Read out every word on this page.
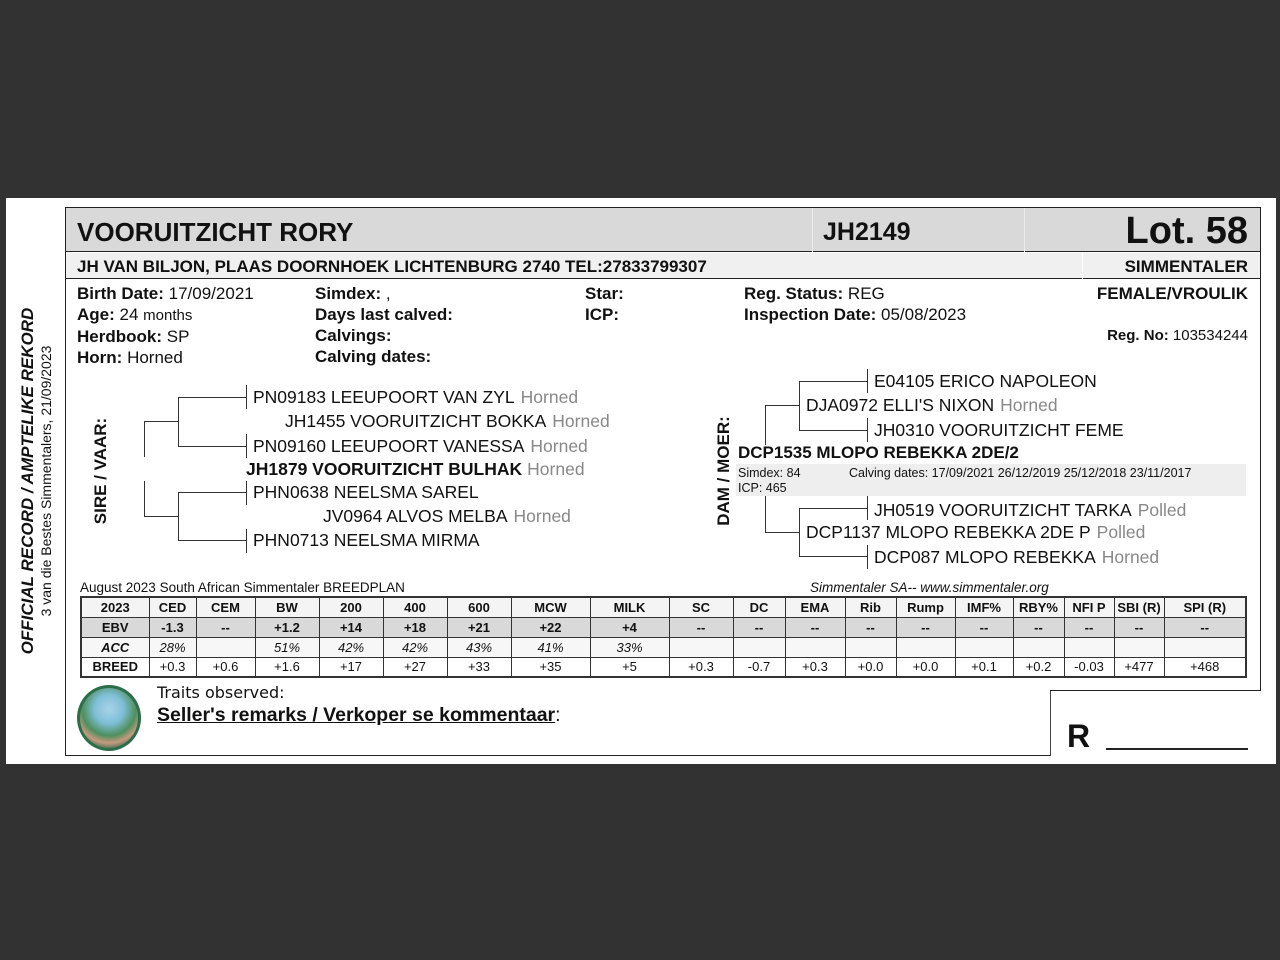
OFFICIAL RECORD / AMPTELIKE REKORD 3 van die Bestes Simmentalers, 21/09/2023
VOORUITZICHT RORY	JH2149	Lot. 58
JH VAN BILJON, PLAAS DOORNHOEK LICHTENBURG 2740 TEL:27833799307	SIMMENTALER
Birth Date: 17/09/2021
Age: 24 months
Herdbook: SP
Horn: Horned
Simdex: ,
Days last calved:
Calvings:
Calving dates:
Star:
ICP:
Reg. Status: REG
Inspection Date: 05/08/2023
FEMALE/VROULIK
Reg. No: 103534244
SIRE / VAAR:
PN09183 LEEUPOORT VAN ZYL Horned
JH1455 VOORUITZICHT BOKKA Horned
PN09160 LEEUPOORT VANESSA Horned
JH1879 VOORUITZICHT BULHAK Horned
PHN0638 NEELSMA SAREL
JV0964 ALVOS MELBA Horned
PHN0713 NEELSMA MIRMA
DAM / MOER:
E04105 ERICO NAPOLEON
DJA0972 ELLI'S NIXON Horned
JH0310 VOORUITZICHT FEME
DCP1535 MLOPO REBEKKA 2DE/2
Simdex: 84	Calving dates: 17/09/2021 26/12/2019 25/12/2018 23/11/2017
ICP: 465
JH0519 VOORUITZICHT TARKA Polled
DCP1137 MLOPO REBEKKA 2DE P Polled
DCP087 MLOPO REBEKKA Horned
August 2023 South African Simmentaler BREEDPLAN	Simmentaler SA-- www.simmentaler.org
2023	CED	CEM	BW	200	400	600	MCW	MILK	SC	DC	EMA	Rib	Rump	IMF%	RBY%	NFI P	SBI (R)	SPI (R)
EBV	-1.3	--	+1.2	+14	+18	+21	+22	+4	--	--	--	--	--	--	--	--	--	--
ACC	28%		51%	42%	42%	43%	41%	33%										
BREED	+0.3	+0.6	+1.6	+17	+27	+33	+35	+5	+0.3	-0.7	+0.3	+0.0	+0.0	+0.1	+0.2	-0.03	+477	+468
Traits observed:
Seller's remarks / Verkoper se kommentaar:
R
